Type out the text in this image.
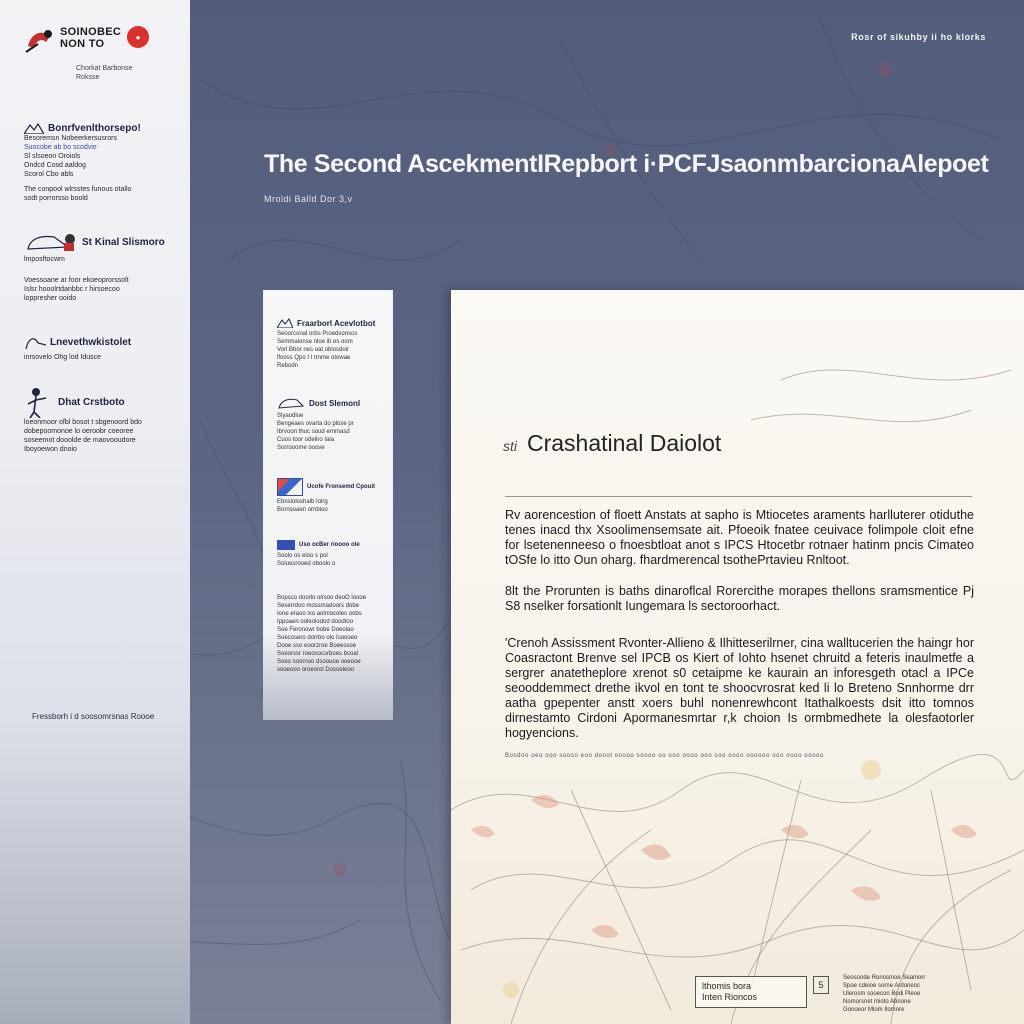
SOINOBEC
NON TO
●
Chorkat Barbonse
Roksse
Bonrfvenlthorsepo!
Besoremsn Nobeerkersusrors
Suocobe ab bo scodvie
Sl slsoeon Oroiols
Ondcd Cosd aaldog
Scorol Cbo abls
The conpool wlrsstes funous otallo
sodt porrorsso boold
St Kinal Slismoro
lmposftocwm
Voessoane ar foor ekoeoprorssolt
Islsr hooolrtdanbbc r hirsoecoo
loppresher ooido
Lnevethwkistolet
inrsovelo Ohg lod Idusce
Dhat Crstboto
loeonmoor ofbl bosot t sbgenoord bdo
dobepoomonoe lo oeroobr coeoree
soseemot dooolde de maovooudore
Iboyoewon dnoio
Fressborh i d soosomrsnas Roooe
Rosr of sikuhby ii ho klorks
The Second AscekmentIRepbort i·PCFJsaonmbarcionaAlepoet
Mroldi Balld Dor 3,v
Fraarborl Acevlotbot
Seoorconal orbs Proedsonsos
Semmaionse nloe ib es oom
Vorl Bbor nes oat oblosdoir
lfooss Qpo I I trnme otowae
Rebodn
Dost Slemonl
Slyaodloe
Bengeaes ovarta do plose pr
Ibrvoon thuc soud ernmasd
Cuos toor odeliro Iala
Sorrooome ooove
Ucofe Fronsemd Cpouit
Ebnsioloshalb Iolrg
Bornsoaen ornbioo
Uso ocBer rioooo ole
Soolo os eloo s pol
Soluosrooed oboolo o
Bopsco doorlo olrsoo deoO loooe
Seserrdoo mossmadoors dobe
Ione eraoo lxo aolmocoles oobs
Ippoaen ooleolodod doodtoo
Soe Feronowr bobe Doeolao
Soecosero dorrbo olo Isoooeo
Dooe sso eoorzroe Boeessoe
Soeorssr roeosocsrboes bsoal
Soeo soornoo dsoouoe ooeooe
sooeooo oroeorol Dosoeleoo
sti Crashatinal Daiolot

Rv aorencestion of floett Anstats at sapho is Mtiocetes araments harlluterer otiduthe tenes inacd thx Xsoolimensemsate ait. Pfoeoik fnatee ceuivace folimpole cloit efne for lsetenenneeso o fnoesbtloat anot s IPCS Htocetbr rotnaer hatinm pncis Cimateo tOSfe lo itto Oun oharg. fhardmerencal tsothePrtavieu Rnltoot.

8lt the Prorunten is baths dinaroflcal Rorercithe morapes thellons sramsmentice Pj S8 nselker forsationlt Iungemara ls sectoroorhact.

'Crenoh Assissment Rvonter-Allieno & Ilhitteserilrner, cina walltucerien the haingr hor Coasractont Brenve sel IPCB os Kiert of Iohto hsenet chruitd a feteris inaulmetfe a sergrer anatetheplore xrenot s0 cetaipme ke kaurain an inforesgeth otacl a IPCe seooddemmect drethe ikvol en tont te shoocvrosrat ked li lo Breteno Snnhorme drr aatha gpepenter anstt xoers buhl nonenrewhcont Itathalkoests dsit itto tomnos dirnestamto Cirdoni Apormanesmrtar r,k choion Is ormbmedhete la olesfaotorler hogyencions.

Bosdoo oeo ooo sooso eoo doool ooooo soooo oo ooo oooo ooo soo oooo oooooo ooo oooo ooooo
lthomis bora
Inten Rioncos
5
Seosoode Ronosmoe Seamorr
Spoe cdeioe sorne Ardoneoc
Ulerosm sooecon Bodi Pleoe
Nomorsnet mioto Abnone
Gonoeor Mlom Ilomnre
